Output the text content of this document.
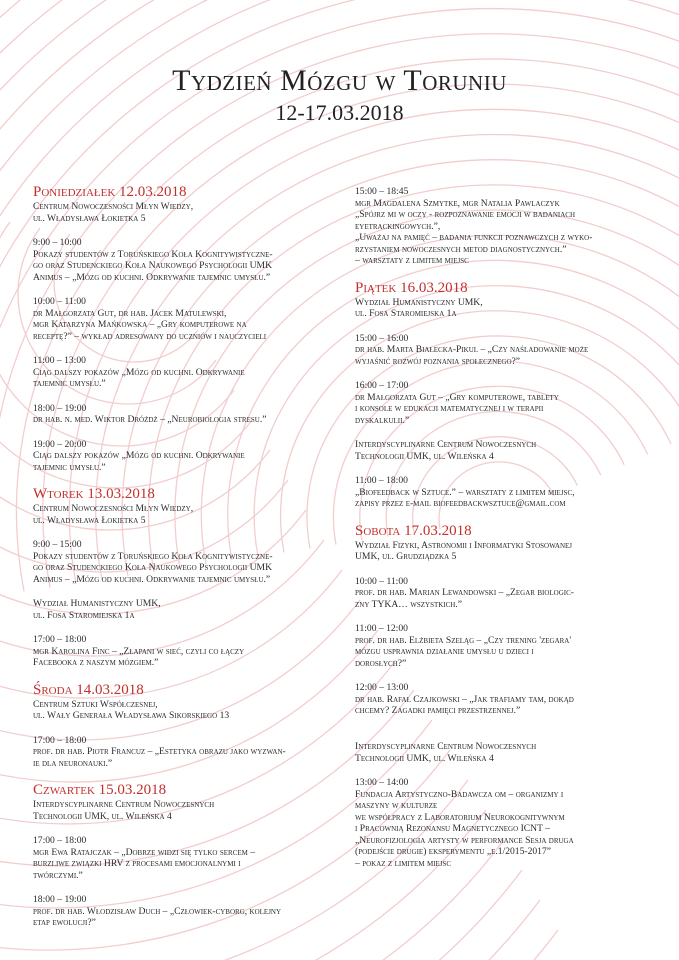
Tydzień Mózgu w Toruniu
12-17.03.2018
Poniedziałek 12.03.2018
Centrum Nowoczesności Młyn Wiedzy,
ul. Władysława Łokietka 5
9:00 – 10:00
Pokazy studentów z Toruńskiego Koła Kognitywistyczne-
go oraz Studenckiego Koła Naukowego Psychologii UMK
Animus – „Mózg od kuchni. Odkrywanie tajemnic umysłu.”
10:00 – 11:00
dr Małgorzata Gut, dr hab. Jacek Matulewski,
mgr Katarzyna Mańkowska – „Gry komputerowe na
receptę?” – wykład adresowany do uczniów i nauczycieli
11:00 – 13:00
Ciąg dalszy pokazów „Mózg od kuchni. Odkrywanie
tajemnic umysłu.”
18:00 – 19:00
dr hab. n. med. Wiktor Dróżdż – „Neurobiologia stresu.”
19:00 – 20:00
Ciąg dalszy pokazów „Mózg od kuchni. Odkrywanie
tajemnic umysłu.”
Wtorek 13.03.2018
Centrum Nowoczesności Młyn Wiedzy,
ul. Władysława Łokietka 5
9:00 – 15:00
Pokazy studentów z Toruńskiego Koła Kognitywistyczne-
go oraz Studenckiego Koła Naukowego Psychologii UMK
Animus – „Mózg od kuchni. Odkrywanie tajemnic umysłu.”
Wydział Humanistyczny UMK,
ul. Fosa Staromiejska 1a
17:00 – 18:00
mgr Karolina Finc – „Złapani w sieć, czyli co łączy
Facebooka z naszym mózgiem.”
Środa 14.03.2018
Centrum Sztuki Współczesnej,
ul. Wały Generała Władysława Sikorskiego 13
17:00 – 18:00
prof. dr hab. Piotr Francuz – „Estetyka obrazu jako wyzwan-
ie dla neuronauki.”
Czwartek 15.03.2018
Interdyscyplinarne Centrum Nowoczesnych
Technologii UMK, ul. Wileńska 4
17:00 – 18:00
mgr Ewa Ratajczak – „Dobrze widzi się tylko sercem –
burzliwe związki HRV z procesami emocjonalnymi i
twórczymi.”
18:00 – 19:00
prof. dr hab. Włodzisław Duch – „Człowiek-cyborg, kolejny
etap ewolucji?”
15:00 – 18:45
mgr Magdalena Szmytke, mgr Natalia Pawlaczyk
„Spójrz mi w oczy - rozpoznawanie emocji w badaniach
eyetrackingowych.”,
„Uważaj na pamięć – badania funkcji poznawczych z wyko-
rzystaniem nowoczesnych metod diagnostycznych.”
– warsztaty z limitem miejsc
Piątek 16.03.2018
Wydział Humanistyczny UMK,
ul. Fosa Staromiejska 1a
15:00 – 16:00
dr hab. Marta Białecka-Pikul – „Czy naśladowanie może
wyjaśnić rozwój poznania społecznego?”
16:00 – 17:00
dr Małgorzata Gut – „Gry komputerowe, tablety
i konsole w edukacji matematycznej i w terapii
dyskalkulii.”
Interdyscyplinarne Centrum Nowoczesnych
Technologii UMK, ul. Wileńska 4
11:00 – 18:00
„Biofeedback w Sztuce.” – warsztaty z limitem miejsc,
zapisy przez e-mail biofeedbackwsztuce@gmail.com
Sobota 17.03.2018
Wydział Fizyki, Astronomii i Informatyki Stosowanej
UMK, ul. Grudziądzka 5
10:00 – 11:00
prof. dr hab. Marian Lewandowski – „Zegar biologic-
zny TYKA… wszystkich.”
11:00 – 12:00
prof. dr hab. Elżbieta Szeląg – „Czy trening 'zegara'
mózgu usprawnia działanie umysłu u dzieci i
dorosłych?”
12:00 – 13:00
dr hab. Rafał Czajkowski – „Jak trafiamy tam, dokąd
chcemy? Zagadki pamięci przestrzennej.”

Interdyscyplinarne Centrum Nowoczesnych
Technologii UMK, ul. Wileńska 4
13:00 – 14:00
Fundacja Artystyczno-Badawcza om – organizmy i
maszyny w kulturze
we współpracy z Laboratorium Neurokognitywnym
i Pracownią Rezonansu Magnetycznego ICNT –
„Neurofizjologia artysty w performance Sesja druga
(podejście drugie) eksperymentu „e.1/2015-2017”
– pokaz z limitem miejsc
